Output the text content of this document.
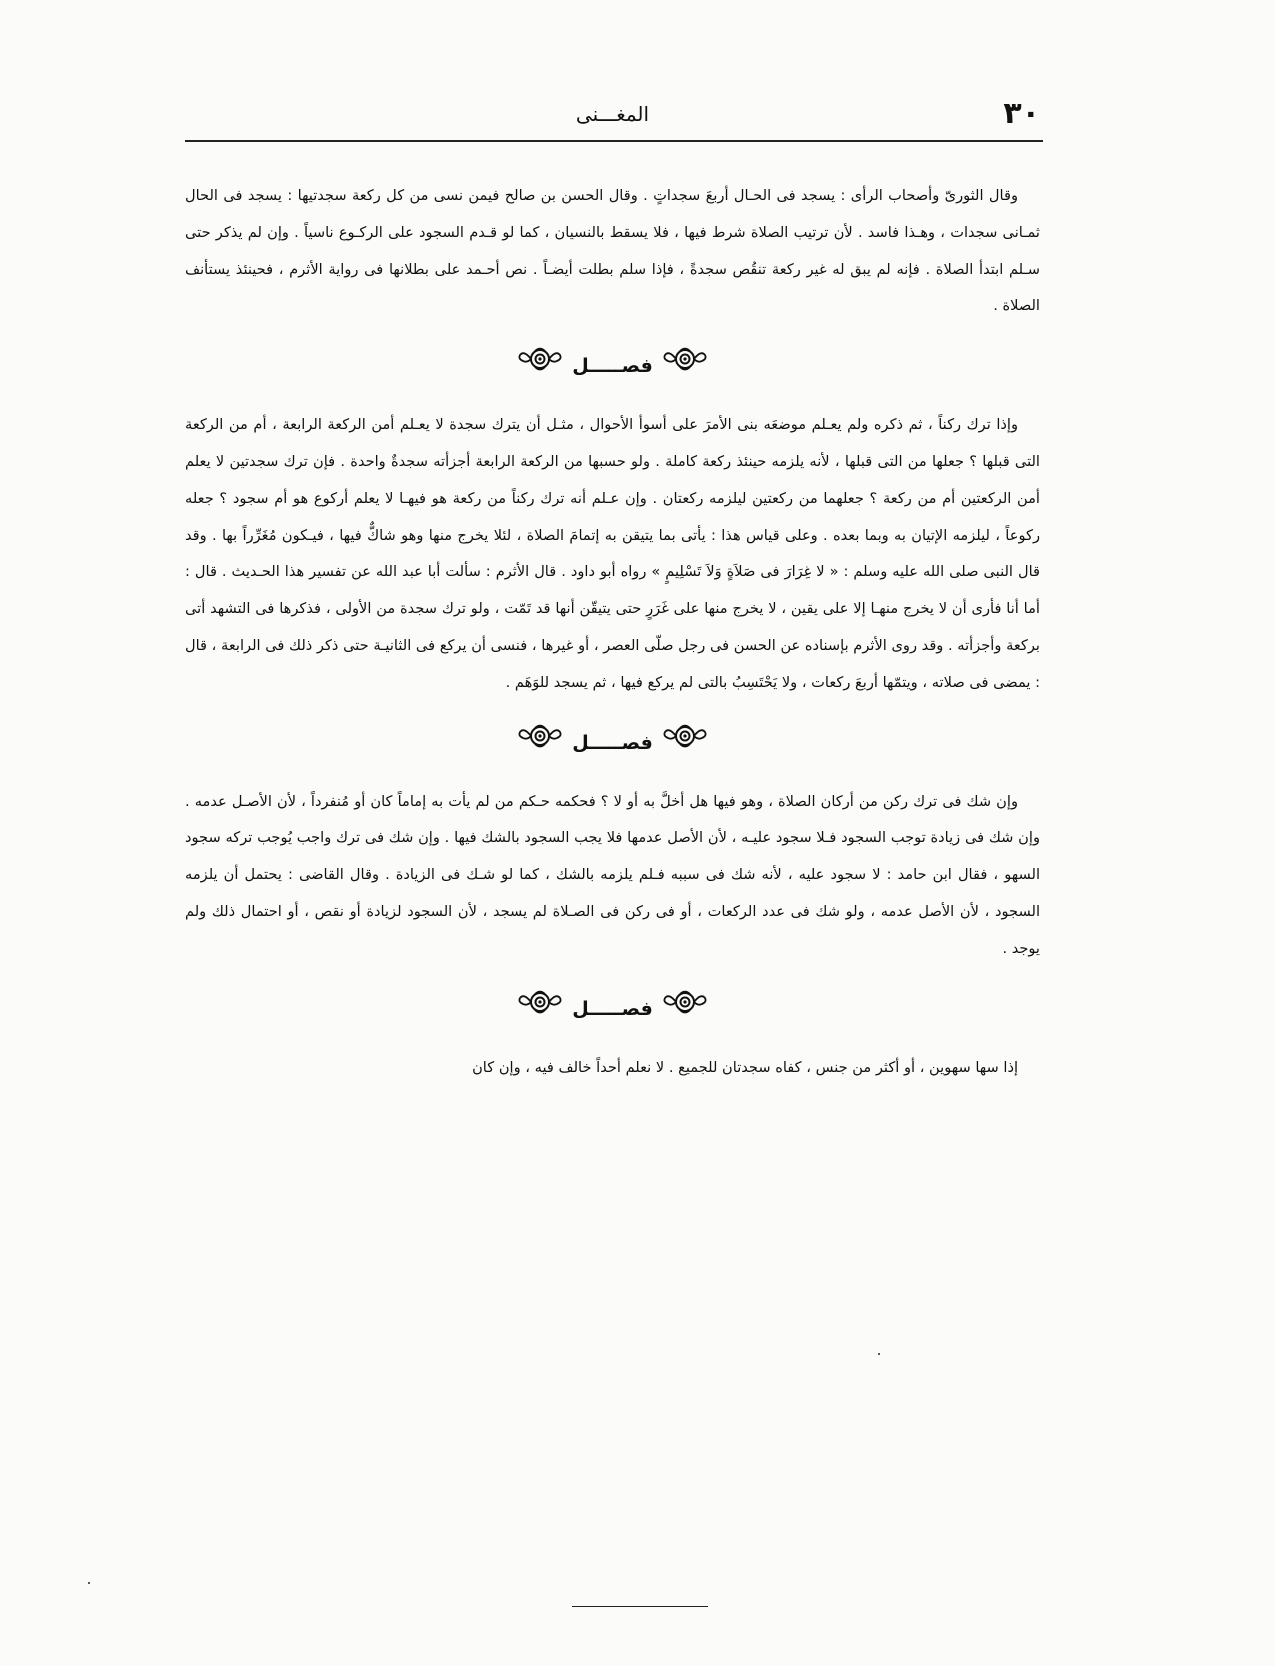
٣٠
المغـــنى

وقال الثورىّ وأصحاب الرأى : يسجد فى الحـال أربعَ سجداتٍ . وقال الحسن بن صالح فيمن نسى من كل ركعة سجدتيها : يسجد فى الحال ثمـانى سجدات ، وهـذا فاسد . لأن ترتيب الصلاة شرط فيها ، فلا يسقط بالنسيان ، كما لو قـدم السجود على الركـوع ناسياً . وإن لم يذكر حتى سـلم ابتدأ الصلاة . فإنه لم يبق له غير ركعة تنقُص سجدةً ، فإذا سلم بطلت أيضـاً . نص أحـمد على بطلانها فى رواية الأثرم ، فحينئذ يستأنف الصلاة .

فصـــــل

وإذا ترك ركناً ، ثم ذكره ولم يعـلم موضعَه بنى الأمرَ على أسوأ الأحوال ، مثـل أن يترك سجدة لا يعـلم أمن الركعة الرابعة ، أم من الركعة التى قبلها ؟ جعلها من التى قبلها ، لأنه يلزمه حينئذ ركعة كاملة . ولو حسبها من الركعة الرابعة أجزأته سجدةٌ واحدة . فإن ترك سجدتين لا يعلم أمن الركعتين أم من ركعة ؟ جعلهما من ركعتين ليلزمه ركعتان . وإن عـلم أنه ترك ركناً من ركعة هو فيهـا لا يعلم أركوع هو أم سجود ؟ جعله ركوعاً ، ليلزمه الإتيان به وبما بعده . وعلى قياس هذا : يأتى بما يتيقن به إتمامَ الصلاة ، لئلا يخرج منها وهو شاكٌّ فيها ، فيـكون مُغَرِّراً بها . وقد قال النبى صلى الله عليه وسلم : « لا غِرَارَ فى صَلاَةٍ وَلاَ تَسْلِيمٍ » رواه أبو داود . قال الأثرم : سألت أبا عبد الله عن تفسير هذا الحـديث . قال : أما أنا فأرى أن لا يخرج منهـا إلا على يقين ، لا يخرج منها على غَرَرٍ حتى يتيقّن أنها قد تَمّت ، ولو ترك سجدة من الأولى ، فذكرها فى التشهد أتى بركعة وأجزأته . وقد روى الأثرم بإسناده عن الحسن فى رجل صلّى العصر ، أو غيرها ، فنسى أن يركع فى الثانيـة حتى ذكر ذلك فى الرابعة ، قال : يمضى فى صلاته ، ويتمّها أربعَ ركعات ، ولا يَحْتَسِبُ بالتى لم يركع فيها ، ثم يسجد للوَهَم .

فصـــــل

وإن شك فى ترك ركن من أركان الصلاة ، وهو فيها هل أخلَّ به أو لا ؟ فحكمه حـكم من لم يأت به إماماً كان أو مُنفرداً ، لأن الأصـل عدمه . وإن شك فى زيادة توجب السجود فـلا سجود عليـه ، لأن الأصل عدمها فلا يجب السجود بالشك فيها . وإن شك فى ترك واجب يُوجب تركه سجود السهو ، فقال ابن حامد : لا سجود عليه ، لأنه شك فى سببه فـلم يلزمه بالشك ، كما لو شـك فى الزيادة . وقال القاضى : يحتمل أن يلزمه السجود ، لأن الأصل عدمه ، ولو شك فى عدد الركعات ، أو فى ركن فى الصـلاة لم يسجد ، لأن السجود لزيادة أو نقص ، أو احتمال ذلك ولم يوجد .

فصـــــل

إذا سها سهوين ، أو أكثر من جنس ، كفاه سجدتان للجميع . لا نعلم أحداً خالف فيه ، وإن كان
